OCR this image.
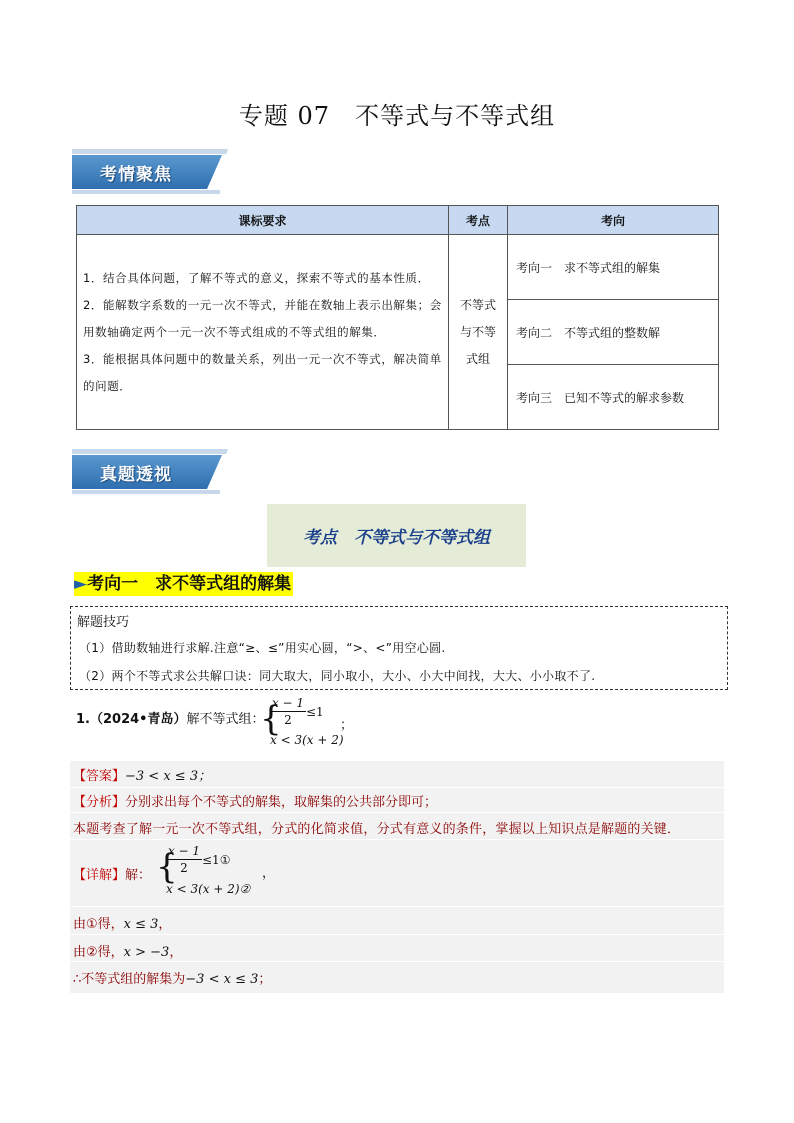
专题 07　不等式与不等式组
考情聚焦
课标要求	考点	考向

1．结合具体问题，了解不等式的意义，探索不等式的基本性质．
2．能解数字系数的一元一次不等式，并能在数轴上表示出解集；会用数轴确定两个一元一次不等式组成的不等式组的解集．
3．能根据具体问题中的数量关系，列出一元一次不等式，解决简单的问题．	不等式与不等式组	考向一　求不等式组的解集
		考向二　不等式组的整数解
		考向三　已知不等式的解求参数
真题透视
考点　不等式与不等式组
►考向一　求不等式组的解集
解题技巧
（1）借助数轴进行求解.注意“≥、≤”用实心圆，“>、<”用空心圆.
（2）两个不等式求公共解口诀：同大取大，同小取小，大小、小大中间找，大大、小小取不了.
1.（2024•青岛）解不等式组：
{
x − 1
2
≤1
x < 3(x + 2)
；
【答案】−3 < x ≤ 3；
【分析】分别求出每个不等式的解集，取解集的公共部分即可；
本题考查了解一元一次不等式组，分式的化简求值，分式有意义的条件，掌握以上知识点是解题的关键．
【详解】解： {
x − 1
2
≤1①
x < 3(x + 2)②
，
由①得，x ≤ 3，
由②得，x > −3，
∴不等式组的解集为−3 < x ≤ 3；
